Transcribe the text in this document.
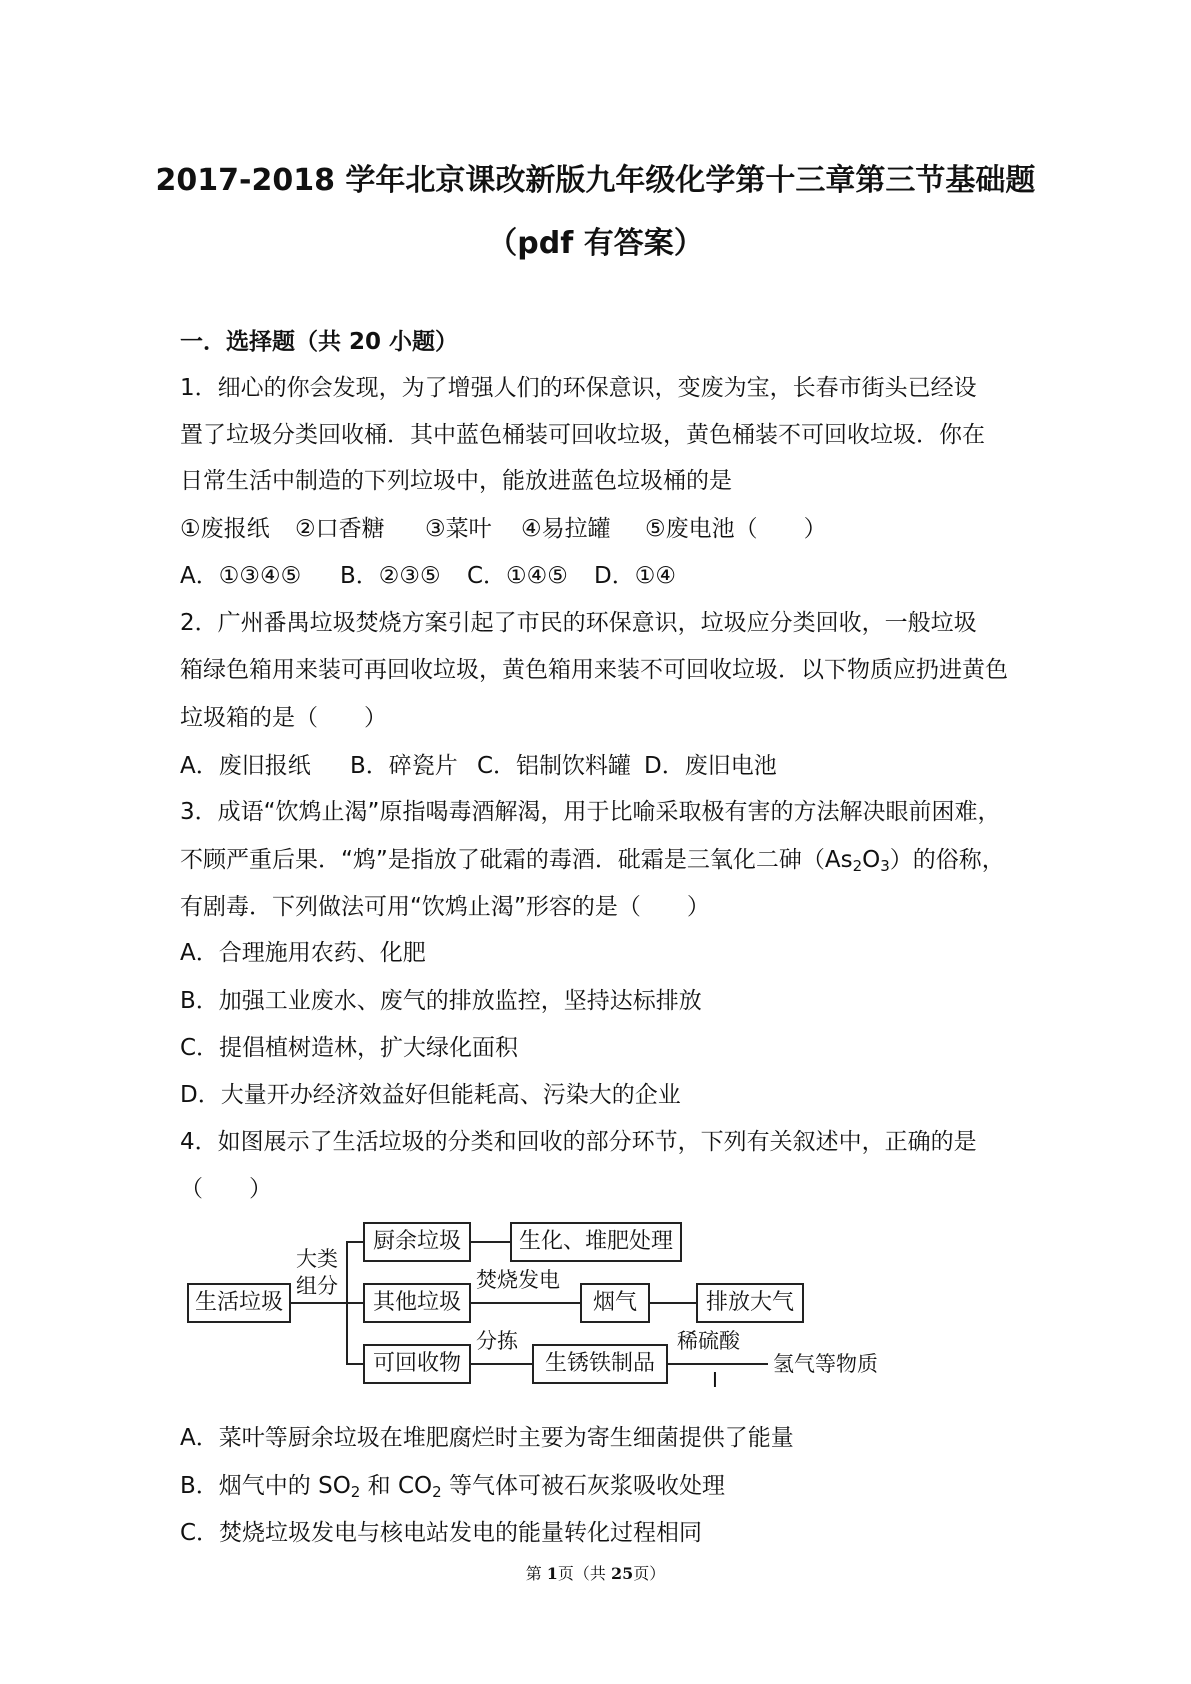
2017-2018 学年北京课改新版九年级化学第十三章第三节基础题
（pdf 有答案）
一．选择题（共 20 小题）
1．细心的你会发现，为了增强人们的环保意识，变废为宝，长春市街头已经设
置了垃圾分类回收桶．其中蓝色桶装可回收垃圾，黄色桶装不可回收垃圾．你在
日常生活中制造的下列垃圾中，能放进蓝色垃圾桶的是
①废报纸 ②口香糖 ③菜叶 ④易拉罐 ⑤废电池（　　）
A．①③④⑤ B．②③⑤ C．①④⑤ D．①④
2．广州番禺垃圾焚烧方案引起了市民的环保意识，垃圾应分类回收，一般垃圾
箱绿色箱用来装可再回收垃圾，黄色箱用来装不可回收垃圾．以下物质应扔进黄色
垃圾箱的是（　　）
A．废旧报纸 B．碎瓷片 C．铝制饮料罐 D．废旧电池
3．成语“饮鸩止渴”原指喝毒酒解渴，用于比喻采取极有害的方法解决眼前困难，
不顾严重后果．“鸩”是指放了砒霜的毒酒．砒霜是三氧化二砷$(As_2O_3)$的俗称，
有剧毒．下列做法可用“饮鸩止渴”形容的是（　　）
A．合理施用农药、化肥
B．加强工业废水、废气的排放监控，坚持达标排放
C．提倡植树造林，扩大绿化面积
D．大量开办经济效益好但能耗高、污染大的企业
4．如图展示了生活垃圾的分类和回收的部分环节，下列有关叙述中，正确的是
（　　）
生活垃圾
大类
组分
厨余垃圾	生化、堆肥处理
其他垃圾
焚烧发电
烟气	排放大气
可回收物
分拣
生锈铁制品
稀硫酸
I
氢气等物质
A．菜叶等厨余垃圾在堆肥腐烂时主要为寄生细菌提供了能量
B．烟气中的 $SO_2$ 和 $CO_2$ 等气体可被石灰浆吸收处理
C．焚烧垃圾发电与核电站发电的能量转化过程相同
第 1页（共 25页）
